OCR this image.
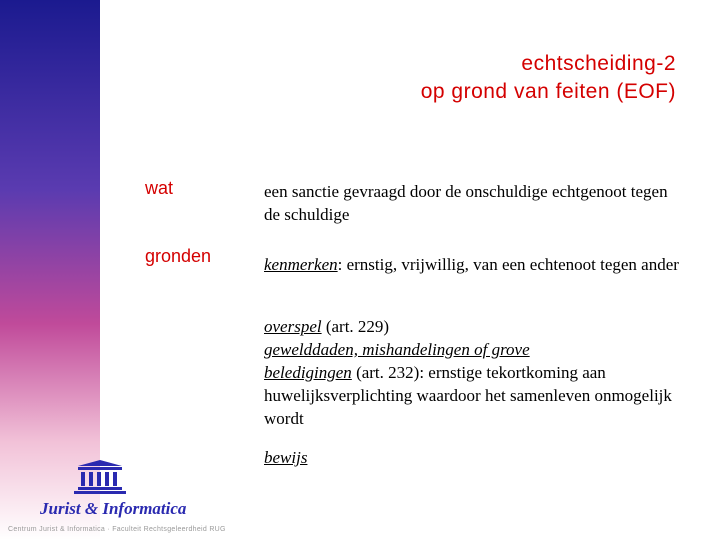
echtscheiding-2
op grond van feiten (EOF)
wat	een sanctie gevraagd door de onschuldige echtgenoot tegen de schuldige
gronden	kenmerken: ernstig, vrijwillig, van een echtenoot tegen ander
overspel (art. 229)
gewelddaden, mishandelingen of grove
beledigingen (art. 232): ernstige tekortkoming aan huwelijksverplichting waardoor het samenleven onmogelijk wordt
bewijs
Jurist & Informatica
Centrum Jurist & Informatica · Faculteit Rechtsgeleerdheid RUG
